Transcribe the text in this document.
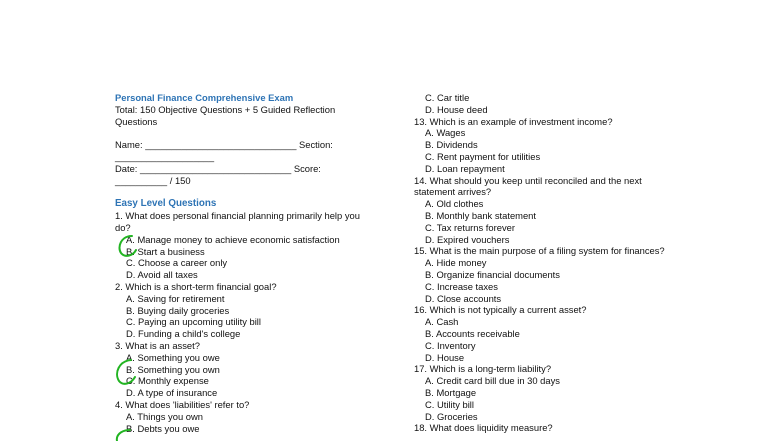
Personal Finance Comprehensive Exam
Total: 150 Objective Questions + 5 Guided Reflection Questions
Name: _____________________________ Section:
___________________
Date: _____________________________ Score:
__________ / 150
Easy Level Questions
1. What does personal financial planning primarily help you do?
A. Manage money to achieve economic satisfaction
B. Start a business
C. Choose a career only
D. Avoid all taxes
2. Which is a short-term financial goal?
A. Saving for retirement
B. Buying daily groceries
C. Paying an upcoming utility bill
D. Funding a child's college
3. What is an asset?
A. Something you owe
B. Something you own
C. Monthly expense
D. A type of insurance
4. What does 'liabilities' refer to?
A. Things you own
B. Debts you owe
C. Car title
D. House deed
13. Which is an example of investment income?
A. Wages
B. Dividends
C. Rent payment for utilities
D. Loan repayment
14. What should you keep until reconciled and the next statement arrives?
A. Old clothes
B. Monthly bank statement
C. Tax returns forever
D. Expired vouchers
15. What is the main purpose of a filing system for finances?
A. Hide money
B. Organize financial documents
C. Increase taxes
D. Close accounts
16. Which is not typically a current asset?
A. Cash
B. Accounts receivable
C. Inventory
D. House
17. Which is a long-term liability?
A. Credit card bill due in 30 days
B. Mortgage
C. Utility bill
D. Groceries
18. What does liquidity measure?
